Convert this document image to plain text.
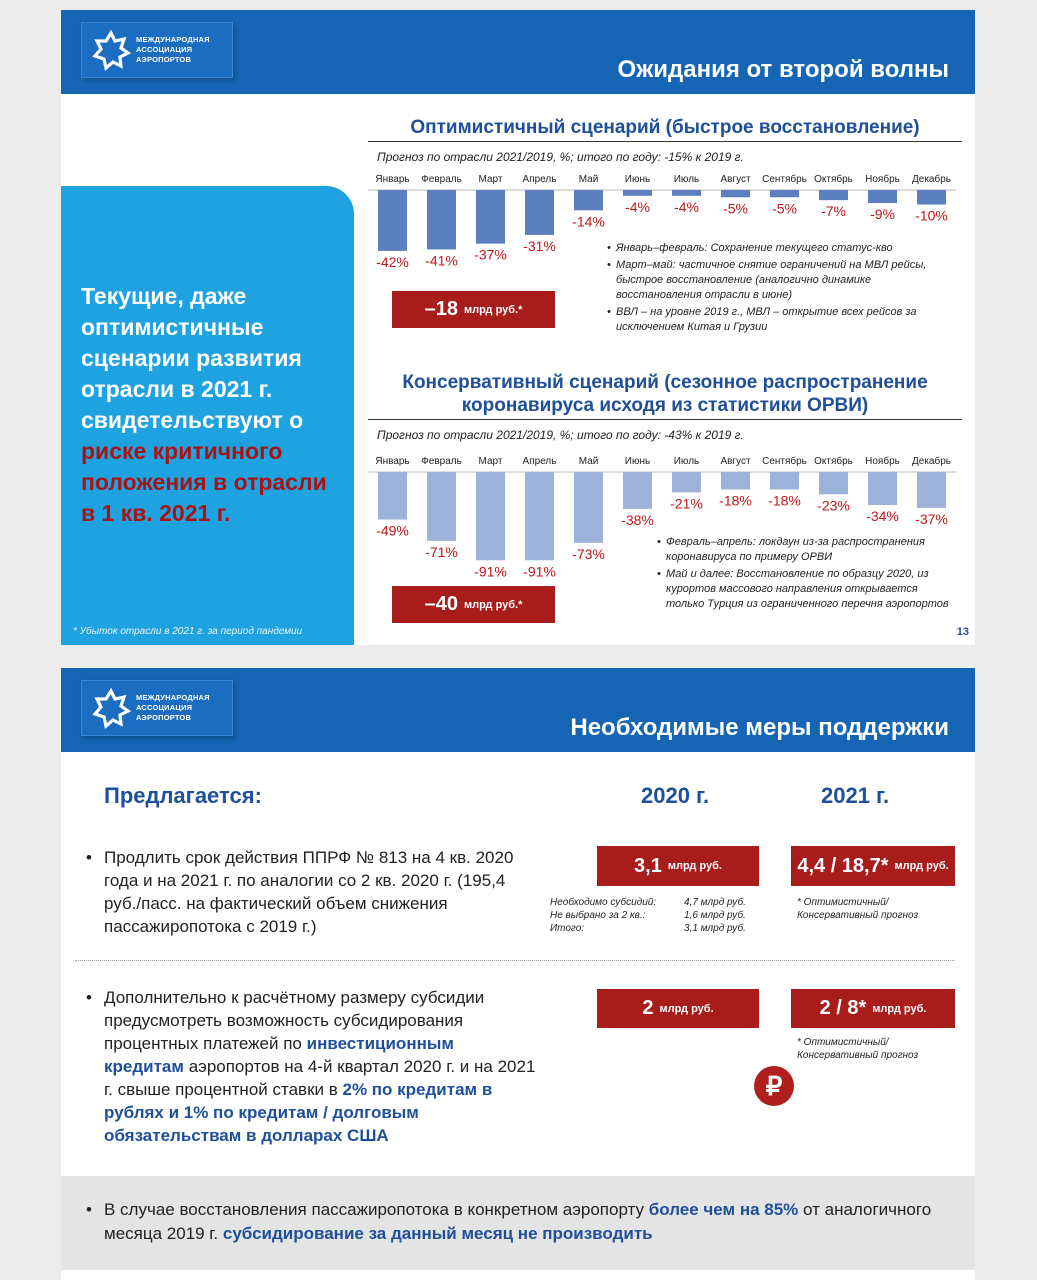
МЕЖДУНАРОДНАЯ
АССОЦИАЦИЯ
АЭРОПОРТОВ	Ожидания от второй волны
Текущие, даже оптимистичные сценарии развития отрасли в 2021 г. свидетельствуют о риске критичного положения в отрасли в 1 кв. 2021 г.
* Убыток отрасли в 2021 г. за период пандемии
Оптимистичный сценарий (быстрое восстановление)
Прогноз по отрасли 2021/2019, %; итого по году: -15% к 2019 г.
Январь
-42%
Февраль
-41%
Март
-37%
Апрель
-31%
Май
-14%
Июнь
-4%
Июль
-4%
Август
-5%
Сентябрь
-5%
Октябрь
-7%
Ноябрь
-9%
Декабрь
-10%
–18 млрд руб.*
• Январь–февраль: Сохранение текущего статус-кво
• Март–май: частичное снятие ограничений на МВЛ рейсы, быстрое восстановление (аналогично динамике восстановления отрасли в июне)
• ВВЛ – на уровне 2019 г., МВЛ – открытие всех рейсов за исключением Китая и Грузии
Консервативный сценарий (сезонное распространение
коронавируса исходя из статистики ОРВИ)
Прогноз по отрасли 2021/2019, %; итого по году: -43% к 2019 г.
Январь
-49%
Февраль
-71%
Март
-91%
Апрель
-91%
Май
-73%
Июнь
-38%
Июль
-21%
Август
-18%
Сентябрь
-18%
Октябрь
-23%
Ноябрь
-34%
Декабрь
-37%
–40 млрд руб.*
• Февраль–апрель: локдаун из-за распространения коронавируса по примеру ОРВИ
• Май и далее: Восстановление по образцу 2020, из курортов массового направления открывается только Турция из ограниченного перечня аэропортов
13
МЕЖДУНАРОДНАЯ
АССОЦИАЦИЯ
АЭРОПОРТОВ	Необходимые меры поддержки
Предлагается:	2020 г.	2021 г.
• Продлить срок действия ППРФ № 813 на 4 кв. 2020 года и на 2021 г. по аналогии со 2 кв. 2020 г. (195,4 руб./пасс. на фактический объем снижения пассажиропотока с 2019 г.)
3,1 млрд руб.	4,4 / 18,7* млрд руб.
Необходимо субсидий:	4,7 млрд руб.
Не выбрано за 2 кв.:	1,6 млрд руб.
Итого:	3,1 млрд руб.
* Оптимистичный/
Консервативный прогноз
• Дополнительно к расчётному размеру субсидии предусмотреть возможность субсидирования процентных платежей по инвестиционным кредитам аэропортов на 4-й квартал 2020 г. и на 2021 г. свыше процентной ставки в 2% по кредитам в рублях и 1% по кредитам / долговым обязательствам в долларах США
2 млрд руб.	2 / 8* млрд руб.
* Оптимистичный/
Консервативный прогноз
₽
• В случае восстановления пассажиропотока в конкретном аэропорту более чем на 85% от аналогичного месяца 2019 г. субсидирование за данный месяц не производить
